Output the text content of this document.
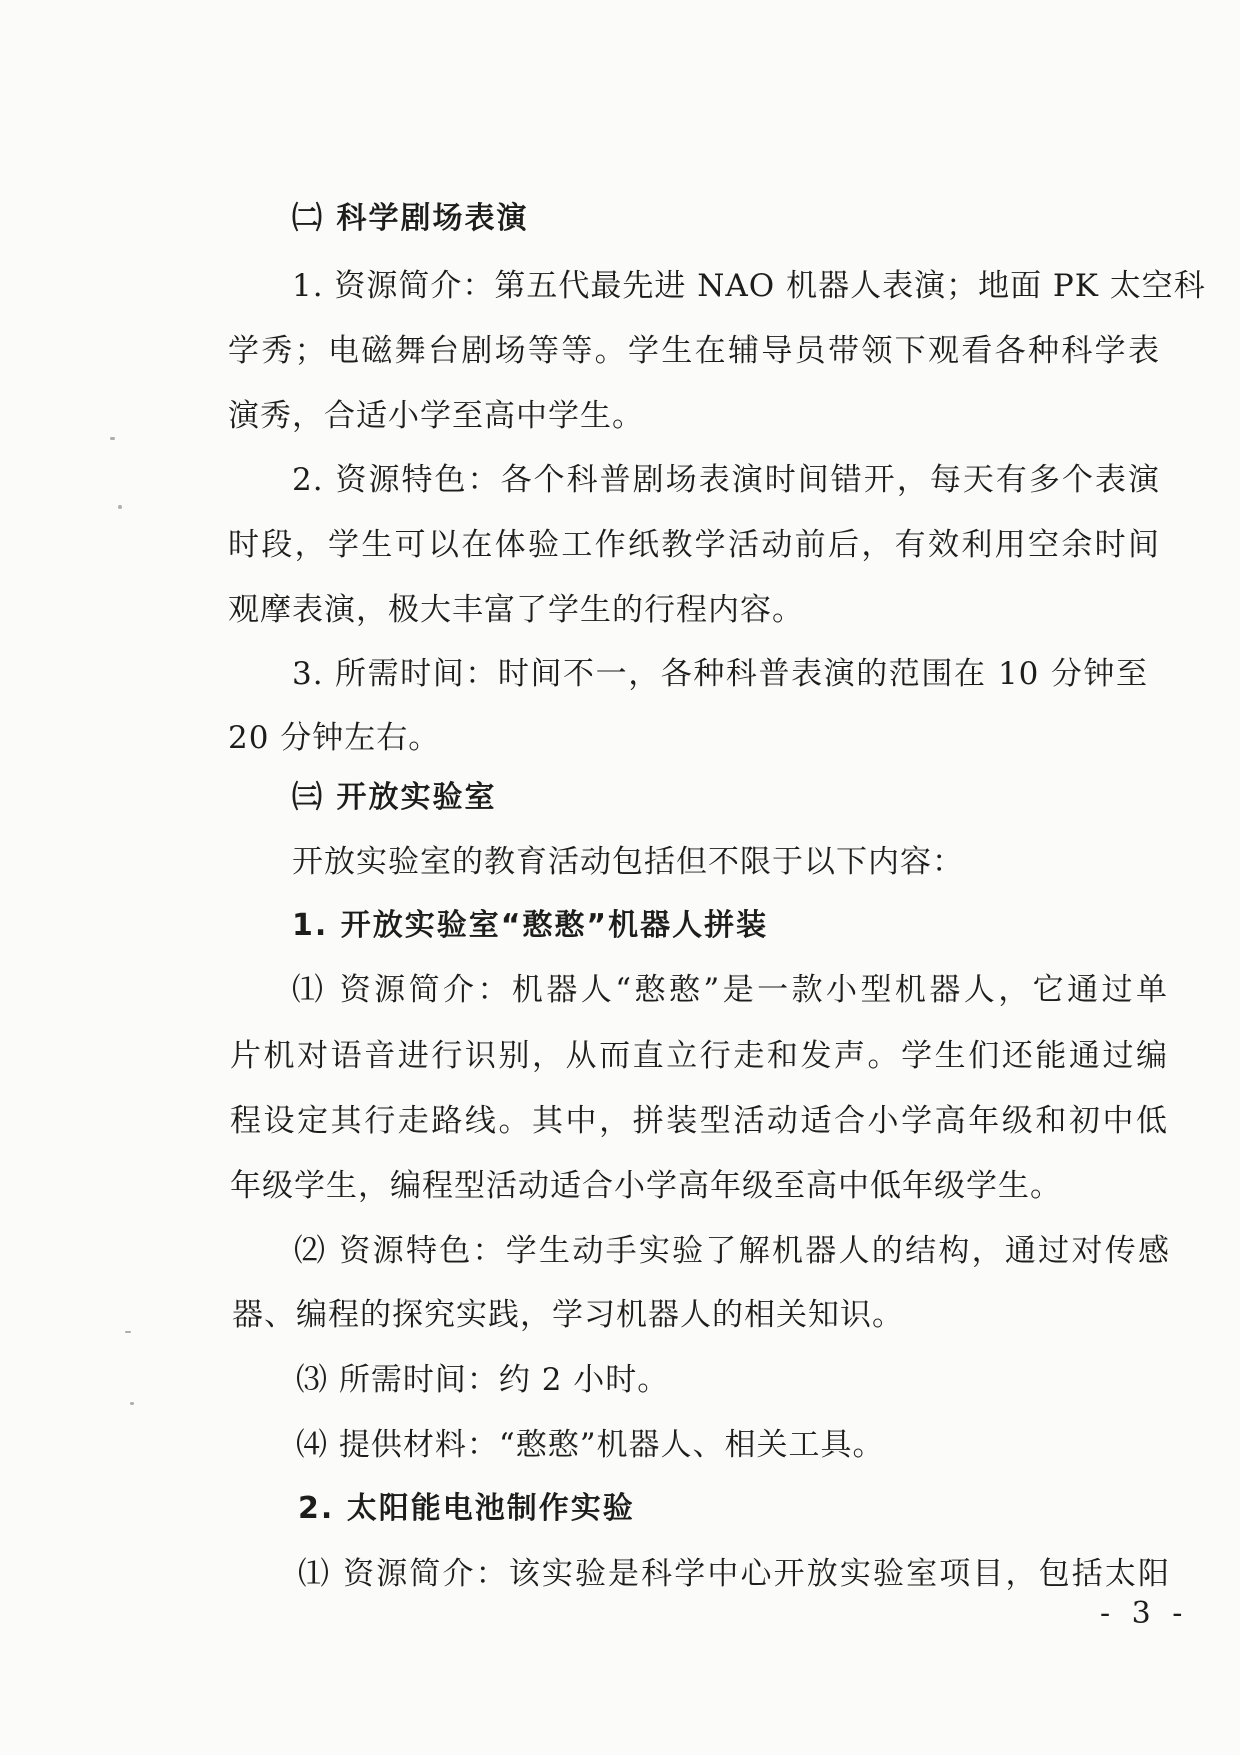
㈡ 科学剧场表演
1. 资源简介：第五代最先进 NAO 机器人表演；地面 PK 太空科
学秀；电磁舞台剧场等等。学生在辅导员带领下观看各种科学表
演秀，合适小学至高中学生。
2. 资源特色：各个科普剧场表演时间错开，每天有多个表演
时段，学生可以在体验工作纸教学活动前后，有效利用空余时间
观摩表演，极大丰富了学生的行程内容。
3. 所需时间：时间不一，各种科普表演的范围在 10 分钟至
20 分钟左右。
㈢ 开放实验室
开放实验室的教育活动包括但不限于以下内容：
1. 开放实验室“憨憨”机器人拼装
⑴ 资源简介：机器人“憨憨”是一款小型机器人，它通过单
片机对语音进行识别，从而直立行走和发声。学生们还能通过编
程设定其行走路线。其中，拼装型活动适合小学高年级和初中低
年级学生，编程型活动适合小学高年级至高中低年级学生。
⑵ 资源特色：学生动手实验了解机器人的结构，通过对传感
器、编程的探究实践，学习机器人的相关知识。
⑶ 所需时间：约 2 小时。
⑷ 提供材料：“憨憨”机器人、相关工具。
2. 太阳能电池制作实验
⑴ 资源简介：该实验是科学中心开放实验室项目，包括太阳
- 3 -
